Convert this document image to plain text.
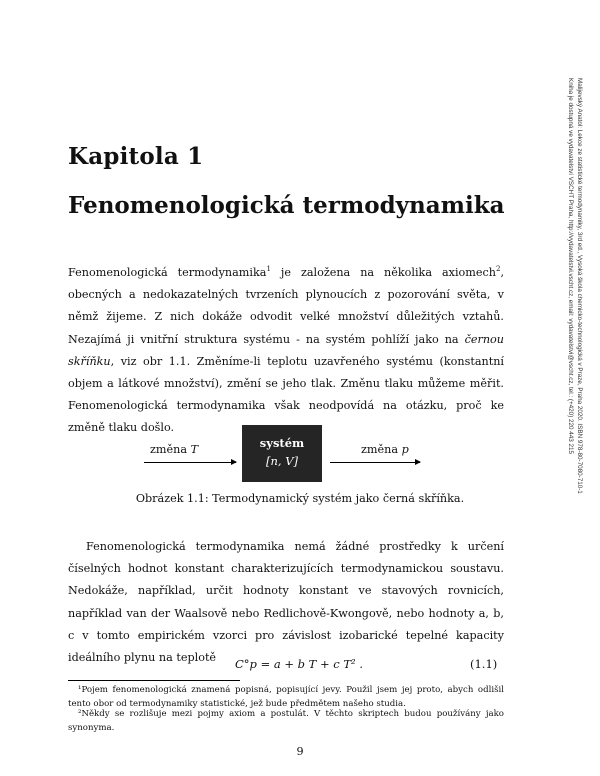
Malijevský Anatol: Lekce ze statistické termodynamiky, 3rd ed., Vysoká škola chemicko-technologická v Praze, Praha 2020. ISBN 978-80-7080-710-1
Kniha je dostupná ve vydavatelství VŠCHT Praha, http://vydavatelstvi.vscht.cz, email: vydavatelstvi@vscht.cz, tel.: (+420) 220 443 215
Kapitola 1
Fenomenologická termodynamika

Fenomenologická termodynamika$^1$ je založena na několika axiomech$^2$, obecných a nedokazatelných tvrzeních plynoucích z pozorování světa, v němž žijeme. Z nich dokáže odvodit velké množství důležitých vztahů. Nezajímá ji vnitřní struktura systému - na systém pohlíží jako na černou skříňku, viz obr 1.1. Změníme-li teplotu uzavřeného systému (konstantní objem a látkové množství), změní se jeho tlak. Změnu tlaku můžeme měřit. Fenomenologická termodynamika však neodpovídá na otázku, proč ke změně tlaku došlo.

změna T	systém
[n, V]
změna p
Obrázek 1.1: Termodynamický systém jako černá skříňka.

Fenomenologická termodynamika nemá žádné prostředky k určení číselných hodnot konstant charakterizujících termodynamickou soustavu. Nedokáže, například, určit hodnoty konstant ve stavových rovnicích, například van der Waalsově nebo Redlichově-Kwongově, nebo hodnoty a, b, c v tomto empirickém vzorci pro závislost izobarické tepelné kapacity ideálního plynu na teplotě	C°p = a + b T + c T² .	(1.1)
¹Pojem fenomenologická znamená popisná, popisující jevy. Použil jsem jej proto, abych odlišil tento obor od termodynamiky statistické, jež bude předmětem našeho studia.
²Někdy se rozlišuje mezi pojmy axiom a postulát. V těchto skriptech budou používány jako synonyma.
9
